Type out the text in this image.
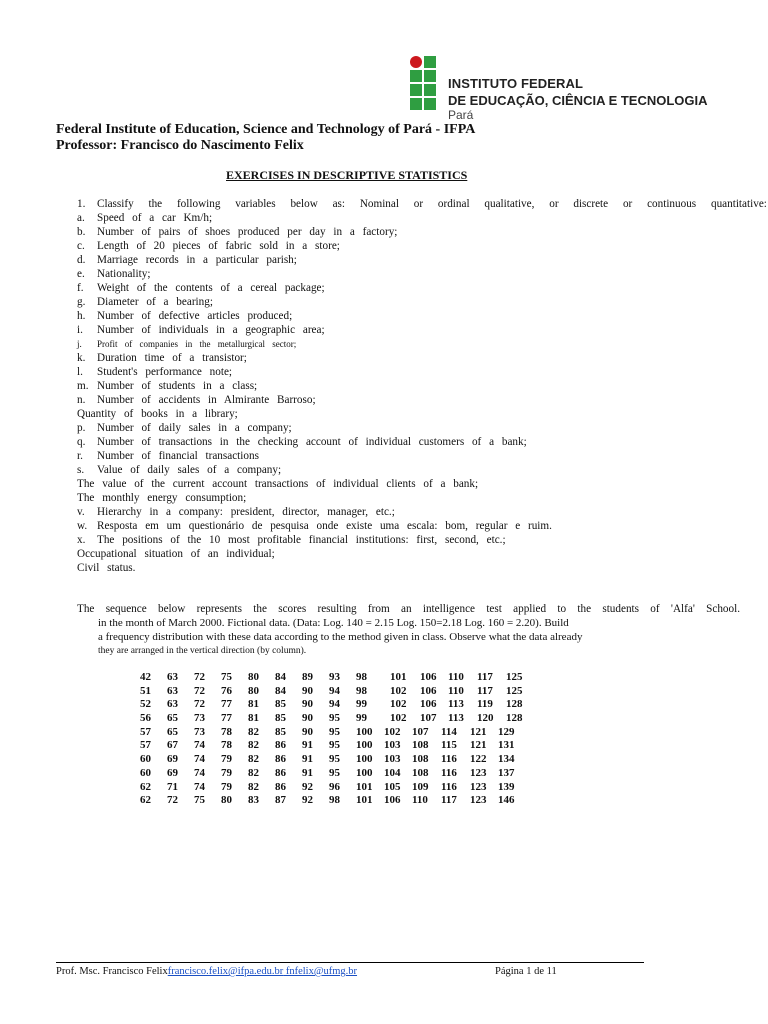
INSTITUTO FEDERAL
DE EDUCAÇÃO, CIÊNCIA E TECNOLOGIA
Pará
Federal Institute of Education, Science and Technology of Pará - IFPA
Professor: Francisco do Nascimento Felix
EXERCISES IN DESCRIPTIVE STATISTICS
1.	Classify the following variables below as: Nominal or ordinal qualitative, or discrete or continuous quantitative:
a. Speed of a car Km/h;
b. Number of pairs of shoes produced per day in a factory;
c. Length of 20 pieces of fabric sold in a store;
d. Marriage records in a particular parish;
e. Nationality;
f. Weight of the contents of a cereal package;
g. Diameter of a bearing;
h. Number of defective articles produced;
i. Number of individuals in a geographic area;
j. Profit of companies in the metallurgical sector;
k. Duration time of a transistor;
l. Student's performance note;
m. Number of students in a class;
n. Number of accidents in Almirante Barroso;
Quantity of books in a library;
p. Number of daily sales in a company;
q. Number of transactions in the checking account of individual customers of a bank;
r. Number of financial transactions
s. Value of daily sales of a company;
The value of the current account transactions of individual clients of a bank;
The monthly energy consumption;
v. Hierarchy in a company: president, director, manager, etc.;
w. Resposta em um questionário de pesquisa onde existe uma escala: bom, regular e ruim.
x. The positions of the 10 most profitable financial institutions: first, second, etc.;
Occupational situation of an individual;
Civil status.
The sequence below represents the scores resulting from an intelligence test applied to the students of 'Alfa' School.
in the month of March 2000. Fictional data. (Data: Log. 140 = 2.15 Log. 150=2.18 Log. 160 = 2.20). Build
a frequency distribution with these data according to the method given in class. Observe what the data already
they are arranged in the vertical direction (by column).
42	63	72	75	80	84	89	93	98	101	106	110	117	125
51	63	72	76	80	84	90	94	98	102	106	110	117	125
52	63	72	77	81	85	90	94	99	102	106	113	119	128
56	65	73	77	81	85	90	95	99	102	107	113	120	128
57	65	73	78	82	85	90	95	100	102	107	114	121	129
57	67	74	78	82	86	91	95	100	103	108	115	121	131
60	69	74	79	82	86	91	95	100	103	108	116	122	134
60	69	74	79	82	86	91	95	100	104	108	116	123	137
62	71	74	79	82	86	92	96	101	105	109	116	123	139
62	72	75	80	83	87	92	98	101	106	110	117	123	146
Prof. Msc. Francisco Felixfrancisco.felix@ifpa.edu.br fnfelix@ufmg.br	Página 1 de 11
